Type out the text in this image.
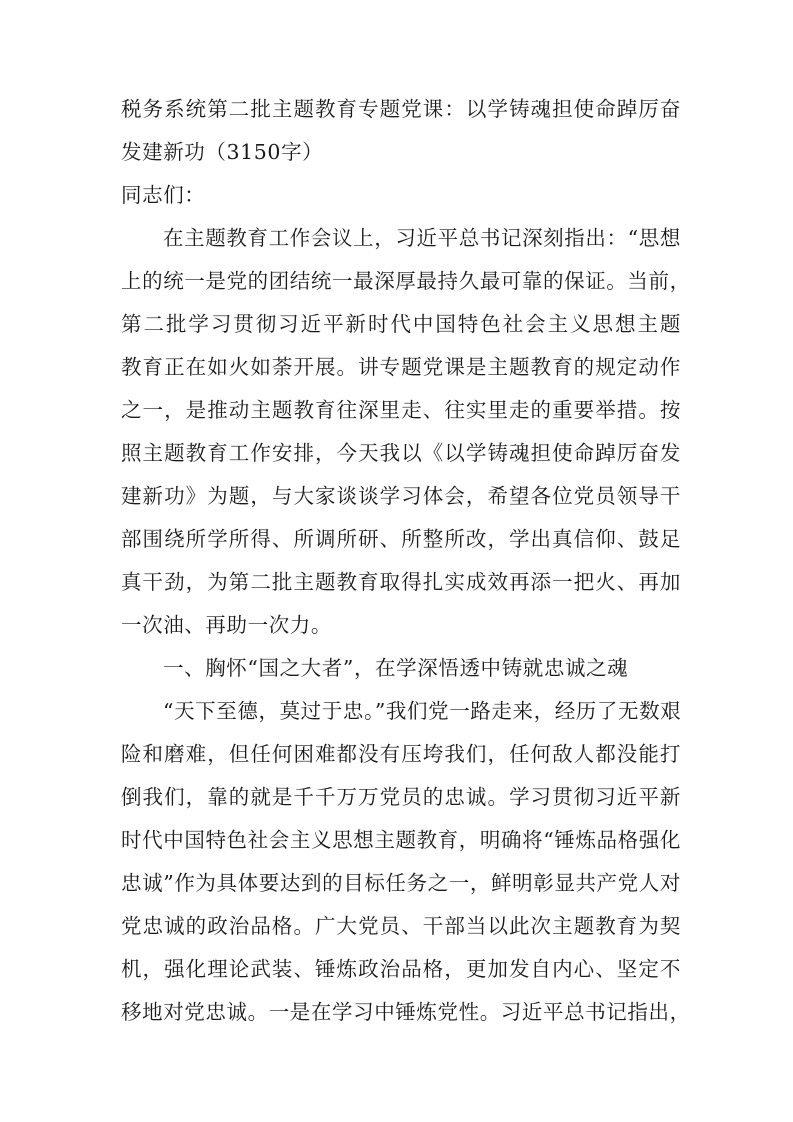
税务系统第二批主题教育专题党课：以学铸魂担使命踔厉奋
发建新功（3150字）
同志们：
在主题教育工作会议上，习近平总书记深刻指出：“思想
上的统一是党的团结统一最深厚最持久最可靠的保证。当前，
第二批学习贯彻习近平新时代中国特色社会主义思想主题
教育正在如火如荼开展。讲专题党课是主题教育的规定动作
之一，是推动主题教育往深里走、往实里走的重要举措。按
照主题教育工作安排，今天我以《以学铸魂担使命踔厉奋发
建新功》为题，与大家谈谈学习体会，希望各位党员领导干
部围绕所学所得、所调所研、所整所改，学出真信仰、鼓足
真干劲，为第二批主题教育取得扎实成效再添一把火、再加
一次油、再助一次力。
一、胸怀“国之大者”，在学深悟透中铸就忠诚之魂
“天下至德，莫过于忠。”我们党一路走来，经历了无数艰
险和磨难，但任何困难都没有压垮我们，任何敌人都没能打
倒我们，靠的就是千千万万党员的忠诚。学习贯彻习近平新
时代中国特色社会主义思想主题教育，明确将“锤炼品格强化
忠诚”作为具体要达到的目标任务之一，鲜明彰显共产党人对
党忠诚的政治品格。广大党员、干部当以此次主题教育为契
机，强化理论武装、锤炼政治品格，更加发自内心、坚定不
移地对党忠诚。一是在学习中锤炼党性。习近平总书记指出，
